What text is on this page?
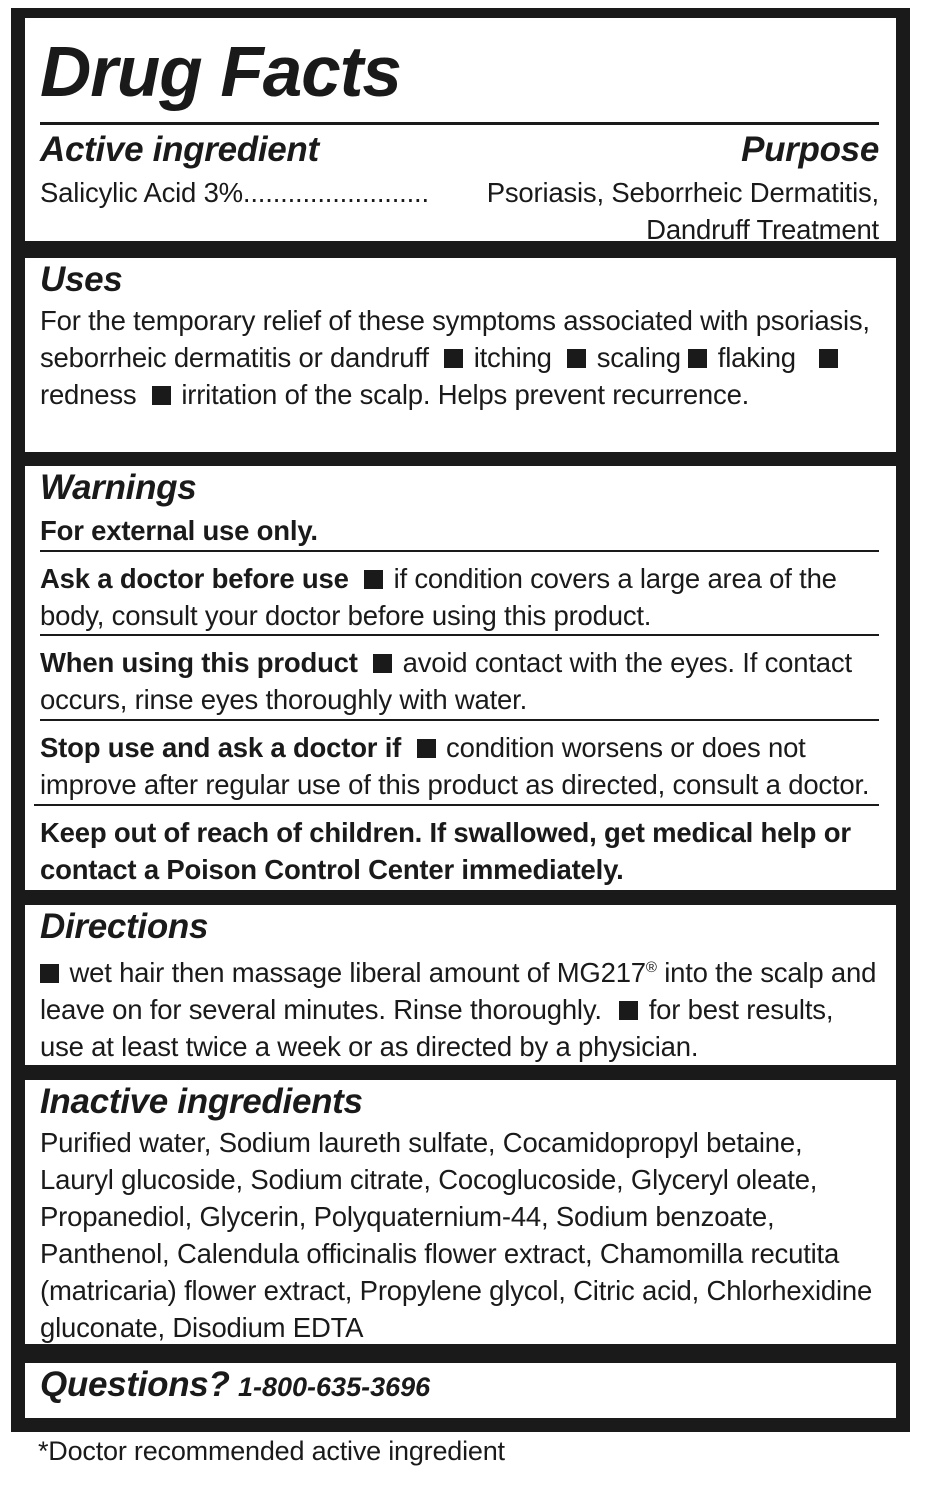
Drug Facts
Active ingredient	Purpose
Salicylic Acid 3%......................... Psoriasis, Seborrheic Dermatitis,
Dandruff Treatment
Uses
For the temporary relief of these symptoms associated with psoriasis, seborrheic dermatitis or dandruff itching scaling flaking  redness irritation of the scalp. Helps prevent recurrence.
Warnings
For external use only.
Ask a doctor before use if condition covers a large area of the body, consult your doctor before using this product.
When using this product avoid contact with the eyes. If contact occurs, rinse eyes thoroughly with water.
Stop use and ask a doctor if condition worsens or does not improve after regular use of this product as directed, consult a doctor.
Keep out of reach of children. If swallowed, get medical help or contact a Poison Control Center immediately.
Directions
wet hair then massage liberal amount of MG217® into the scalp and leave on for several minutes. Rinse thoroughly. for best results, use at least twice a week or as directed by a physician.
Inactive ingredients
Purified water, Sodium laureth sulfate, Cocamidopropyl betaine, Lauryl glucoside, Sodium citrate, Cocoglucoside, Glyceryl oleate, Propanediol, Glycerin, Polyquaternium-44, Sodium benzoate, Panthenol, Calendula officinalis flower extract, Chamomilla recutita (matricaria) flower extract, Propylene glycol, Citric acid, Chlorhexidine gluconate, Disodium EDTA
Questions? 1-800-635-3696
*Doctor recommended active ingredient
